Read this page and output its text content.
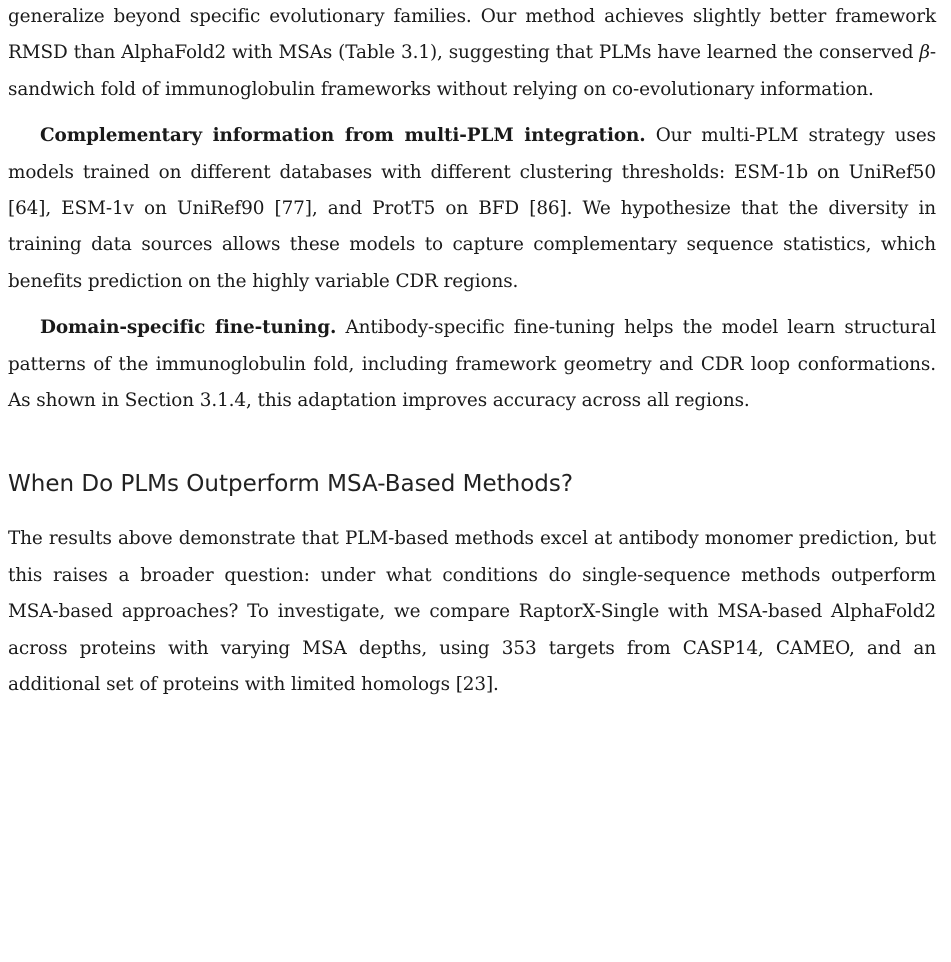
generalize beyond specific evolutionary families. Our method achieves slightly better framework RMSD than AlphaFold2 with MSAs (Table 3.1), suggesting that PLMs have learned the conserved β-sandwich fold of immunoglobulin frameworks without relying on co-evolutionary information.

Complementary information from multi-PLM integration. Our multi-PLM strategy uses models trained on different databases with different clustering thresholds: ESM-1b on UniRef50 [64], ESM-1v on UniRef90 [77], and ProtT5 on BFD [86]. We hypothesize that the diversity in training data sources allows these models to capture complementary sequence statistics, which benefits prediction on the highly variable CDR regions.

Domain-specific fine-tuning. Antibody-specific fine-tuning helps the model learn structural patterns of the immunoglobulin fold, including framework geometry and CDR loop conformations. As shown in Section 3.1.4, this adaptation improves accuracy across all regions.

When Do PLMs Outperform MSA-Based Methods?

The results above demonstrate that PLM-based methods excel at antibody monomer prediction, but this raises a broader question: under what conditions do single-sequence methods outperform MSA-based approaches? To investigate, we compare RaptorX-Single with MSA-based AlphaFold2 across proteins with varying MSA depths, using 353 targets from CASP14, CAMEO, and an additional set of proteins with limited homologs [23].
